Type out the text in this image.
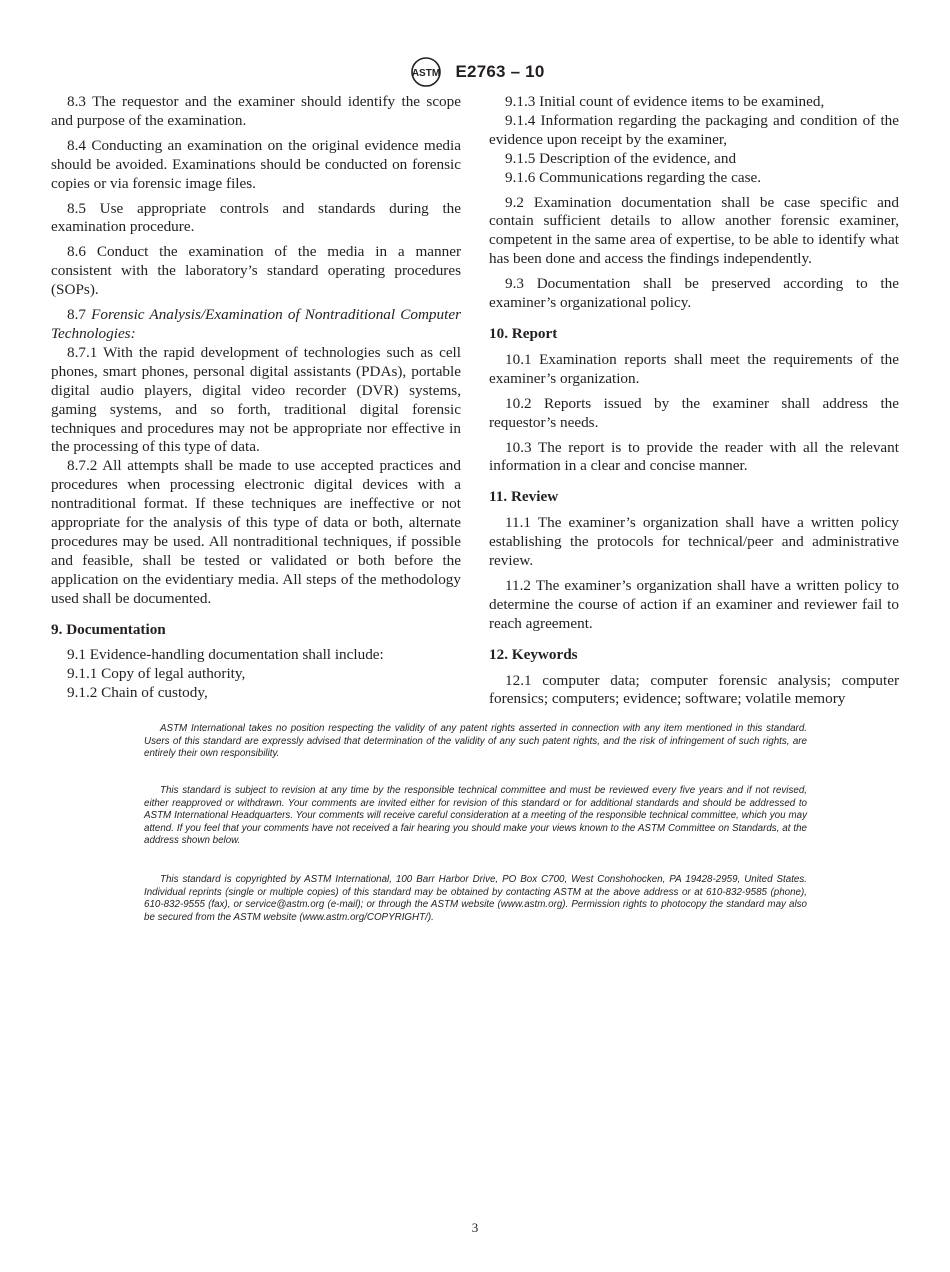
ASTM E2763 – 10

8.3 The requestor and the examiner should identify the scope and purpose of the examination.

8.4 Conducting an examination on the original evidence media should be avoided. Examinations should be conducted on forensic copies or via forensic image files.

8.5 Use appropriate controls and standards during the examination procedure.

8.6 Conduct the examination of the media in a manner consistent with the laboratory’s standard operating procedures (SOPs).

8.7 Forensic Analysis/Examination of Nontraditional Computer Technologies:

8.7.1 With the rapid development of technologies such as cell phones, smart phones, personal digital assistants (PDAs), portable digital audio players, digital video recorder (DVR) systems, gaming systems, and so forth, traditional digital forensic techniques and procedures may not be appropriate nor effective in the processing of this type of data.

8.7.2 All attempts shall be made to use accepted practices and procedures when processing electronic digital devices with a nontraditional format. If these techniques are ineffective or not appropriate for the analysis of this type of data or both, alternate procedures may be used. All nontraditional techniques, if possible and feasible, shall be tested or validated or both before the application on the evidentiary media. All steps of the methodology used shall be documented.

9. Documentation

9.1 Evidence-handling documentation shall include:

9.1.1 Copy of legal authority,

9.1.2 Chain of custody,

9.1.3 Initial count of evidence items to be examined,

9.1.4 Information regarding the packaging and condition of the evidence upon receipt by the examiner,

9.1.5 Description of the evidence, and

9.1.6 Communications regarding the case.

9.2 Examination documentation shall be case specific and contain sufficient details to allow another forensic examiner, competent in the same area of expertise, to be able to identify what has been done and access the findings independently.

9.3 Documentation shall be preserved according to the examiner’s organizational policy.

10. Report

10.1 Examination reports shall meet the requirements of the examiner’s organization.

10.2 Reports issued by the examiner shall address the requestor’s needs.

10.3 The report is to provide the reader with all the relevant information in a clear and concise manner.

11. Review

11.1 The examiner’s organization shall have a written policy establishing the protocols for technical/peer and administrative review.

11.2 The examiner’s organization shall have a written policy to determine the course of action if an examiner and reviewer fail to reach agreement.

12. Keywords

12.1 computer data; computer forensic analysis; computer forensics; computers; evidence; software; volatile memory

ASTM International takes no position respecting the validity of any patent rights asserted in connection with any item mentioned in this standard. Users of this standard are expressly advised that determination of the validity of any such patent rights, and the risk of infringement of such rights, are entirely their own responsibility.

This standard is subject to revision at any time by the responsible technical committee and must be reviewed every five years and if not revised, either reapproved or withdrawn. Your comments are invited either for revision of this standard or for additional standards and should be addressed to ASTM International Headquarters. Your comments will receive careful consideration at a meeting of the responsible technical committee, which you may attend. If you feel that your comments have not received a fair hearing you should make your views known to the ASTM Committee on Standards, at the address shown below.

This standard is copyrighted by ASTM International, 100 Barr Harbor Drive, PO Box C700, West Conshohocken, PA 19428-2959, United States. Individual reprints (single or multiple copies) of this standard may be obtained by contacting ASTM at the above address or at 610-832-9585 (phone), 610-832-9555 (fax), or service@astm.org (e-mail); or through the ASTM website (www.astm.org). Permission rights to photocopy the standard may also be secured from the ASTM website (www.astm.org/COPYRIGHT/).

3
